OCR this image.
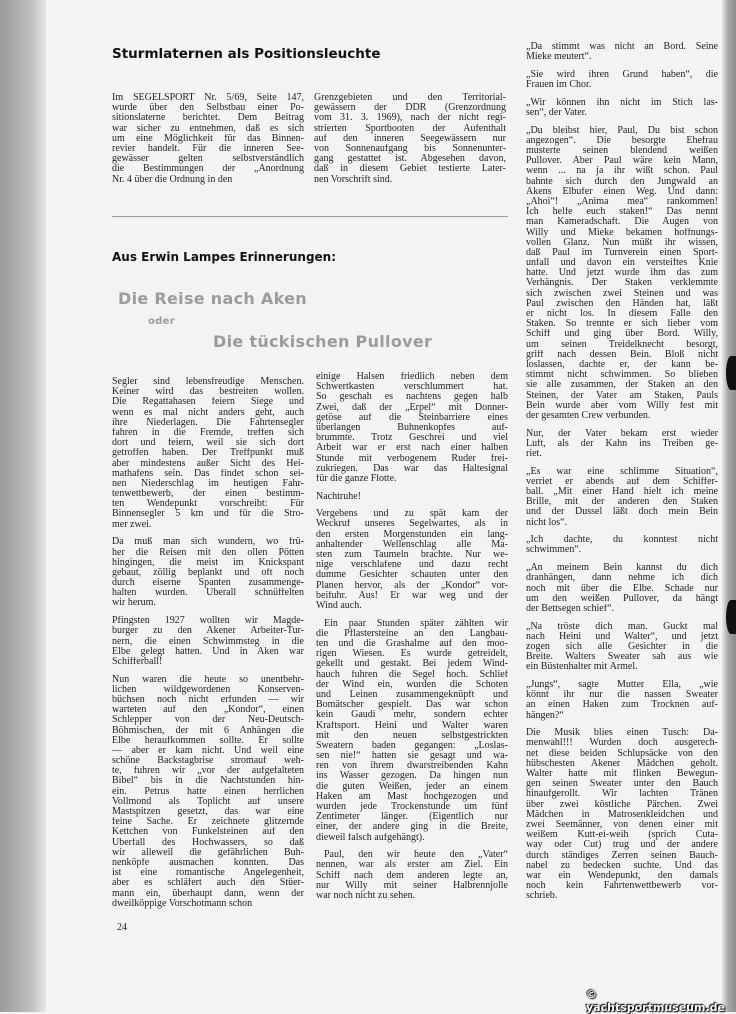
Sturmlaternen als Positionsleuchte
Im SEGELSPORT Nr. 5/69, Seite 147,
wurde über den Selbstbau einer Po-
sitionslaterne berichtet. Dem Beitrag
war sicher zu entnehmen, daß es sich
um eine Möglichkeit für das Binnen-
revier handelt. Für die inneren See-
gewässer gelten selbstverständlich
die Bestimmungen der „Anordnung
Nr. 4 über die Ordnung in den
Grenzgebieten und den Territorial-
gewässern der DDR (Grenzordnung
vom 31. 3. 1969), nach der nicht regi-
strierten Sportbooten der Aufenthalt
auf den inneren Seegewässern nur
von Sonnenaufgang bis Sonnenunter-
gang gestattet ist. Abgesehen davon,
daß in diesem Gebiet testierte Later-
nen Vorschrift sind.
Aus Erwin Lampes Erinnerungen:
Die Reise nach Aken
oder
Die tückischen Pullover
Segler sind lebensfreudige Menschen.
Keiner wird das bestreiten wollen.
Die Regattahasen feiern Siege und
wenn es mal nicht anders geht, auch
ihre Niederlagen. Die Fahrtensegler
fahren in die Fremde, treffen sich
dort und feiern, weil sie sich dort
getroffen haben. Der Treffpunkt muß
aber mindestens außer Sicht des Hei-
mathafens sein. Das findet schon sei-
nen Niederschlag im heutigen Fahr-
tenwettbewerb, der einen bestimm-
ten Wendepunkt vorschreibt: Für
Binnensegler 5 km und für die Stro-
mer zwei.
Da muß man sich wundern, wo frü-
her die Reisen mit den ollen Pötten
hingingen, die meist im Knickspant
gebaut, zöllig beplankt und oft noch
durch eiserne Spanten zusammenge-
halten wurden. Überall schnüffelten
wir herum.
Pfingsten 1927 wollten wir Magde-
burger zu den Akener Arbeiter-Tur-
nern, die einen Schwimmsteg in die
Elbe gelegt hatten. Und in Aken war
Schifferball!
Nun waren die heute so unentbehr-
lichen wildgewordenen Konserven-
büchsen noch nicht erfunden — wir
warteten auf den „Kondor“, einen
Schlepper von der Neu-Deutsch-
Böhmischen, der mit 6 Anhängen die
Elbe heraufkommen sollte. Er sollte
— aber er kam nicht. Und weil eine
schöne Backstagbrise stromauf weh-
te, fuhren wir „vor der aufgefalteten
Bibel“ bis in die Nachtstunden hin-
ein. Petrus hatte einen herrlichen
Vollmond als Toplicht auf unsere
Mastspitzen gesetzt, das war eine
feine Sache. Er zeichnete glitzernde
Kettchen von Funkelsteinen auf den
Überfall des Hochwassers, so daß
wir alleweil die gefährlichen Buh-
nenköpfe ausmachen konnten. Das
ist eine romantische Angelegenheit,
aber es schläfert auch den Stüer-
mann ein, überhaupt dann, wenn der
dweilköppige Vorschotmann schon
einige Halsen friedlich neben dem
Schwertkasten verschlummert hat.
So geschah es nachtens gegen halb
Zwei, daß der „Erpel“ mit Donner-
getöse auf die Steinbarriere eines
überlangen Buhnenkopfes auf-
brummte. Trotz Geschrei und viel
Arbeit war er erst nach einer halben
Stunde mit verbogenem Ruder frei-
zukriegen. Das war das Haltesignal
für die ganze Flotte.
Nachtruhe!
Vergebens und zu spät kam der
Weckruf unseres Segelwartes, als in
den ersten Morgenstunden ein lang-
anhaltender Wellenschlag alle Ma-
sten zum Taumeln brachte. Nur we-
nige verschlafene und dazu recht
dumme Gesichter schauten unter den
Planen hervor, als der „Kondor“ vor-
beifuhr. Aus! Er war weg und der
Wind auch.
Ein paar Stunden später zählten wir
die Pflastersteine an den Langbau-
ten und die Grashalme auf den moo-
rigen Wiesen. Es wurde getreidelt,
gekellt und gestakt. Bei jedem Wind-
hauch fuhren die Segel hoch. Schlief
der Wind ein, wurden die Schoten
und Leinen zusammengeknüpft und
Bomätscher gespielt. Das war schon
kein Gaudi mehr, sondern echter
Kraftsport. Heini und Walter waren
mit den neuen selbstgestrickten
Sweatern baden gegangen: „Loslas-
sen nie!“ hatten sie gesagt und wa-
ren von ihrem dwarstreibenden Kahn
ins Wasser gezogen. Da hingen nun
die guten Weißen, jeder an einem
Haken am Mast hochgezogen und
wurden jede Trockenstunde um fünf
Zentimeter länger. (Eigentlich nur
einer, der andere ging in die Breite,
dieweil falsch aufgehängt).
Paul, den wir heute den „Vater“
nennen, war als erster am Ziel. Ein
Schiff nach dem anderen legte an,
nur Willy mit seiner Halbrennjolle
war noch nicht zu sehen.
„Da stimmt was nicht an Bord. Seine
Mieke meutert“.
„Sie wird ihren Grund haben“, die
Frauen im Chor.
„Wir können ihn nicht im Stich las-
sen“, der Vater.
„Du bleibst hier, Paul, Du bist schon
angezogen“. Die besorgte Ehefrau
musterte seinen blendend weißen
Pullover. Aber Paul wäre kein Mann,
wenn ... na ja ihr wißt schon. Paul
bahnte sich durch den Jungwald an
Akens Elbufer einen Weg. Und dann:
„Ahoi“! „Anima mea“ rankommen!
Ich helfe euch staken!“ Das nennt
man Kameradschaft. Die Augen von
Willy und Mieke bekamen hoffnungs-
vollen Glanz. Nun müßt ihr wissen,
daß Paul im Turnverein einen Sport-
unfall und davon ein versteiftes Knie
hatte. Und jetzt wurde ihm das zum
Verhängnis. Der Staken verklemmte
sich zwischen zwei Steinen und was
Paul zwischen den Händen hat, läßt
er nicht los. In diesem Falle den
Staken. So trennte er sich lieber vom
Schiff und ging über Bord. Willy,
um seinen Treidelknecht besorgt,
griff nach dessen Bein. Bloß nicht
loslassen, dachte er, der kann be-
stimmt nicht schwimmen. So blieben
sie alle zusammen, der Staken an den
Steinen, der Vater am Staken, Pauls
Bein wurde aber vom Willy fest mit
der gesamten Crew verbunden.
Nur, der Vater bekam erst wieder
Luft, als der Kahn ins Treiben ge-
riet.
„Es war eine schlimme Situation“,
verriet er abends auf dem Schiffer-
ball. „Mit einer Hand hielt ich meine
Brille, mit der anderen den Staken
und der Dussel läßt doch mein Bein
nicht los“.
„Ich dachte, du konntest nicht
schwimmen“.
„An meinem Bein kannst du dich
dranhängen, dann nehme ich dich
noch mit über die Elbe. Schade nur
um den weißen Pullover, da hängt
der Bettsegen schief“.
„Na tröste dich man. Guckt mal
nach Heini und Walter“, und jetzt
zogen sich alle Gesichter in die
Breite. Walters Sweater sah aus wie
ein Büstenhalter mit Ärmel.
„Jungs“, sagte Mutter Ella, „wie
könnt ihr nur die nassen Sweater
an einen Haken zum Trocknen auf-
hängen?“
Die Musik blies einen Tusch: Da-
menwahl!!! Wurden doch ausgerech-
net diese beiden Schlupsäcke von den
hübschesten Akener Mädchen geholt.
Walter hatte mit flinken Bewegun-
gen seinen Sweater unter den Bauch
hinaufgerollt. Wir lachten Tränen
über zwei köstliche Pärchen. Zwei
Mädchen in Matrosenkleidchen und
zwei Seemänner, von denen einer mit
weißem Kutt-ei-weih (sprich Cuta-
way oder Cut) trug und der andere
durch ständiges Zerren seinen Bauch-
nabel zu bedecken suchte. Und das
war ein Wendepunkt, den damals
noch kein Fahrtenwettbewerb vor-
schrieb.
24
© yachtsportmuseum.de
